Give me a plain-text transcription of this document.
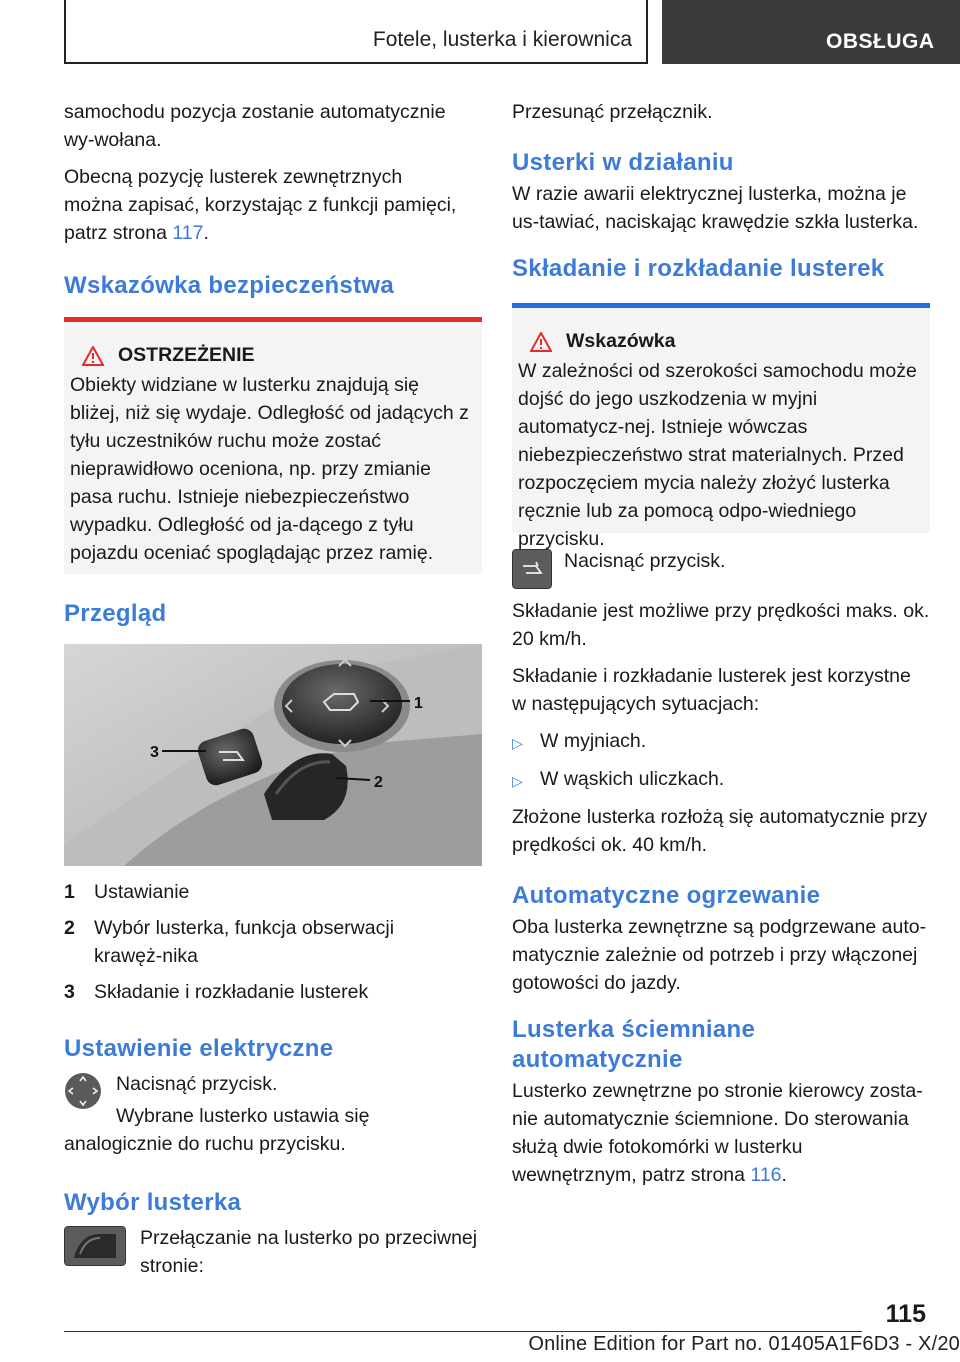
Fotele, lusterka i kierownica	OBSŁUGA

samochodu pozycja zostanie automatycznie wy-wołana.

Obecną pozycję lusterek zewnętrznych można zapisać, korzystając z funkcji pamięci, patrz strona 117.

Wskazówka bezpieczeństwa
OSTRZEŻENIE
Obiekty widziane w lusterku znajdują się bliżej, niż się wydaje. Odległość od jadących z tyłu uczestników ruchu może zostać nieprawidłowo oceniona, np. przy zmianie pasa ruchu. Istnieje niebezpieczeństwo wypadku. Odległość od ja-dącego z tyłu pojazdu oceniać spoglądając przez ramię.
Przegląd
1
2
3
1 Ustawianie
2 Wybór lusterka, funkcja obserwacji krawęż-nika
3 Składanie i rozkładanie lusterek
Ustawienie elektryczne

Nacisnąć przycisk.

Wybrane lusterko ustawia się analogicznie do ruchu przycisku.

Wybór lusterka

Przełączanie na lusterko po przeciwnej stronie:

Przesunąć przełącznik.

Usterki w działaniu

W razie awarii elektrycznej lusterka, można je us-tawiać, naciskając krawędzie szkła lusterka.

Składanie i rozkładanie lusterek
Wskazówka
W zależności od szerokości samochodu może dojść do jego uszkodzenia w myjni automatycz-nej. Istnieje wówczas niebezpieczeństwo strat materialnych. Przed rozpoczęciem mycia należy złożyć lusterka ręcznie lub za pomocą odpo-wiedniego przycisku.

Nacisnąć przycisk.

Składanie jest możliwe przy prędkości maks. ok. 20 km/h.

Składanie i rozkładanie lusterek jest korzystne w następujących sytuacjach:

▷ W myjniach.
▷ W wąskich uliczkach.

Złożone lusterka rozłożą się automatycznie przy prędkości ok. 40 km/h.

Automatyczne ogrzewanie

Oba lusterka zewnętrzne są podgrzewane auto-matycznie zależnie od potrzeb i przy włączonej gotowości do jazdy.

Lusterka ściemniane automatycznie

Lusterko zewnętrzne po stronie kierowcy zosta-nie automatycznie ściemnione. Do sterowania służą dwie fotokomórki w lusterku wewnętrznym, patrz strona 116.

115
Online Edition for Part no. 01405A1F6D3 - X/20
